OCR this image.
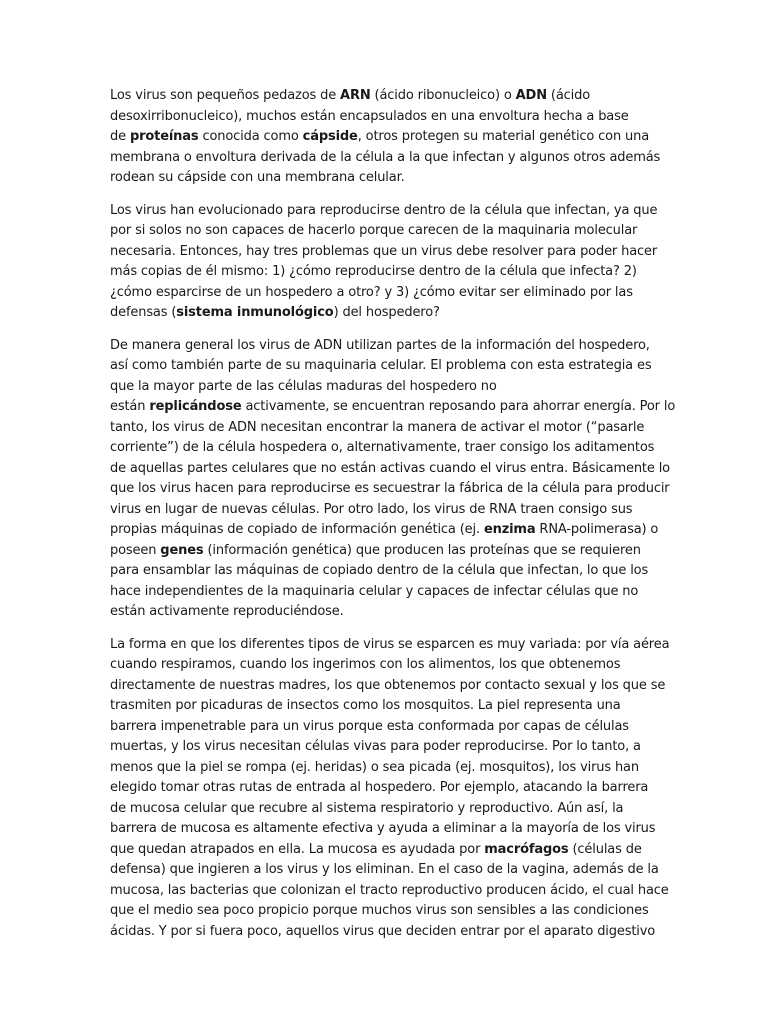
Los virus son pequeños pedazos de ARN (ácido ribonucleico) o ADN (ácido
desoxirribonucleico), muchos están encapsulados en una envoltura hecha a base
de proteínas conocida como cápside, otros protegen su material genético con una
membrana o envoltura derivada de la célula a la que infectan y algunos otros además
rodean su cápside con una membrana celular.
Los virus han evolucionado para reproducirse dentro de la célula que infectan, ya que
por si solos no son capaces de hacerlo porque carecen de la maquinaria molecular
necesaria. Entonces, hay tres problemas que un virus debe resolver para poder hacer
más copias de él mismo: 1) ¿cómo reproducirse dentro de la célula que infecta? 2)
¿cómo esparcirse de un hospedero a otro? y 3) ¿cómo evitar ser eliminado por las
defensas (sistema inmunológico) del hospedero?
De manera general los virus de ADN utilizan partes de la información del hospedero,
así como también parte de su maquinaria celular. El problema con esta estrategia es
que la mayor parte de las células maduras del hospedero no
están replicándose activamente, se encuentran reposando para ahorrar energía. Por lo
tanto, los virus de ADN necesitan encontrar la manera de activar el motor (“pasarle
corriente”) de la célula hospedera o, alternativamente, traer consigo los aditamentos
de aquellas partes celulares que no están activas cuando el virus entra. Básicamente lo
que los virus hacen para reproducirse es secuestrar la fábrica de la célula para producir
virus en lugar de nuevas células. Por otro lado, los virus de RNA traen consigo sus
propias máquinas de copiado de información genética (ej. enzima RNA-polimerasa) o
poseen genes (información genética) que producen las proteínas que se requieren
para ensamblar las máquinas de copiado dentro de la célula que infectan, lo que los
hace independientes de la maquinaria celular y capaces de infectar células que no
están activamente reproduciéndose.
La forma en que los diferentes tipos de virus se esparcen es muy variada: por vía aérea
cuando respiramos, cuando los ingerimos con los alimentos, los que obtenemos
directamente de nuestras madres, los que obtenemos por contacto sexual y los que se
trasmiten por picaduras de insectos como los mosquitos. La piel representa una
barrera impenetrable para un virus porque esta conformada por capas de células
muertas, y los virus necesitan células vivas para poder reproducirse. Por lo tanto, a
menos que la piel se rompa (ej. heridas) o sea picada (ej. mosquitos), los virus han
elegido tomar otras rutas de entrada al hospedero. Por ejemplo, atacando la barrera
de mucosa celular que recubre al sistema respiratorio y reproductivo. Aún así, la
barrera de mucosa es altamente efectiva y ayuda a eliminar a la mayoría de los virus
que quedan atrapados en ella. La mucosa es ayudada por macrófagos (células de
defensa) que ingieren a los virus y los eliminan. En el caso de la vagina, además de la
mucosa, las bacterias que colonizan el tracto reproductivo producen ácido, el cual hace
que el medio sea poco propicio porque muchos virus son sensibles a las condiciones
ácidas. Y por si fuera poco, aquellos virus que deciden entrar por el aparato digestivo
